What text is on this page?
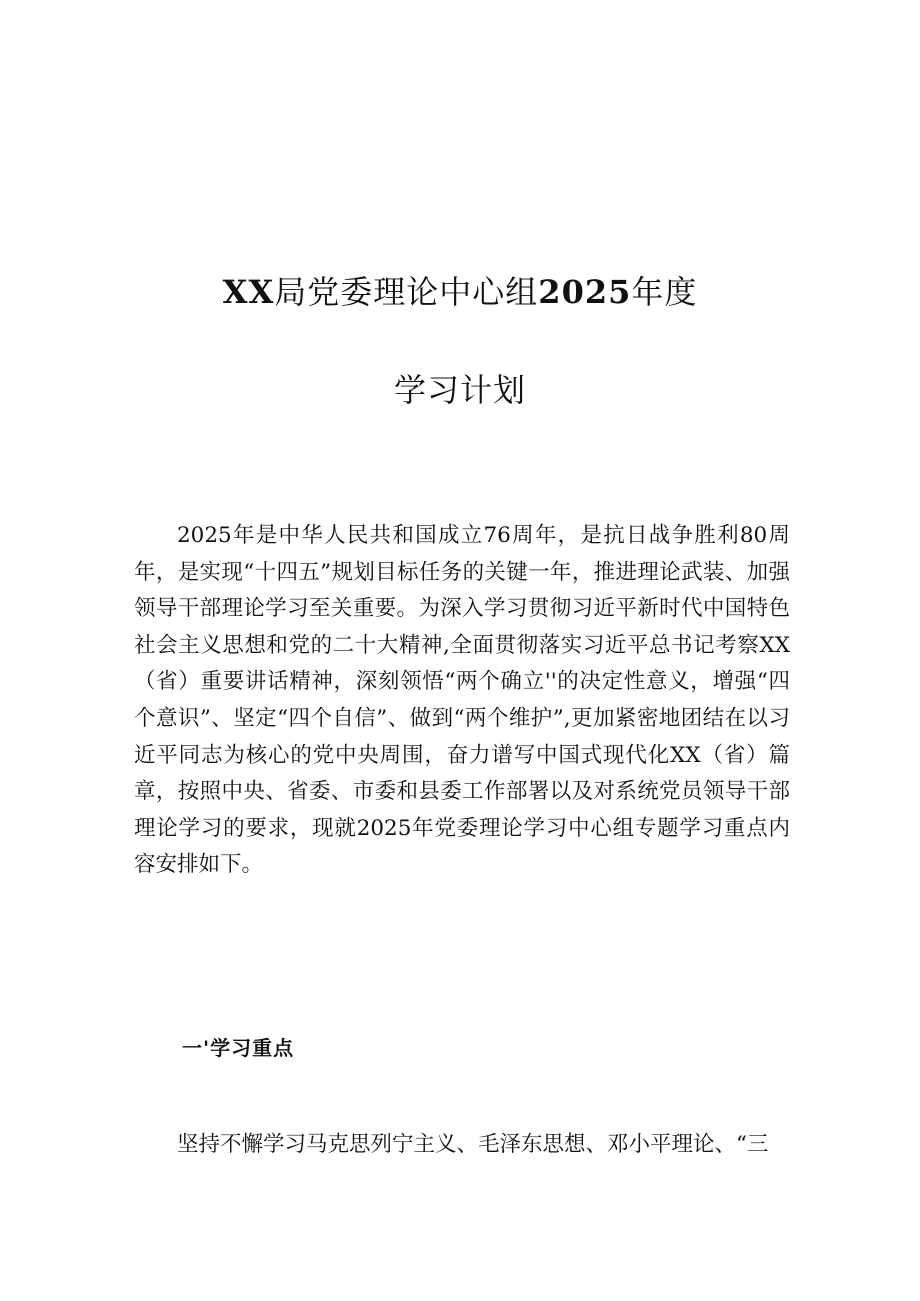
XX局党委理论中心组2025年度
学习计划

2025年是中华人民共和国成立76周年，是抗日战争胜利80周年，是实现“十四五”规划目标任务的关键一年，推进理论武装、加强领导干部理论学习至关重要。为深入学习贯彻习近平新时代中国特色社会主义思想和党的二十大精神,全面贯彻落实习近平总书记考察XX（省）重要讲话精神，深刻领悟“两个确立''的决定性意义，增强“四个意识”、坚定“四个自信”、做到“两个维护”,更加紧密地团结在以习近平同志为核心的党中央周围，奋力谱写中国式现代化XX（省）篇章，按照中央、省委、市委和县委工作部署以及对系统党员领导干部理论学习的要求，现就2025年党委理论学习中心组专题学习重点内容安排如下。

一'学习重点

坚持不懈学习马克思列宁主义、毛泽东思想、邓小平理论、“三
